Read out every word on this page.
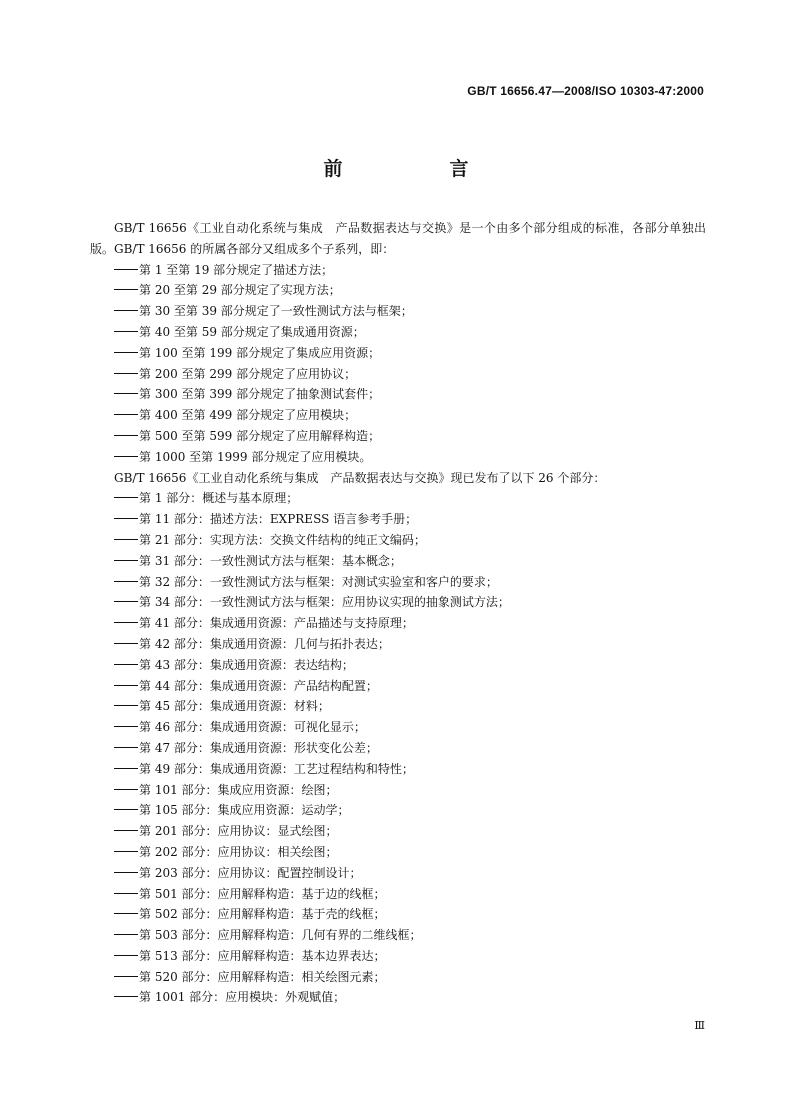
GB/T 16656.47—2008/ISO 10303-47:2000
前　言

GB/T 16656《工业自动化系统与集成　产品数据表达与交换》是一个由多个部分组成的标准，各部分单独出版。GB/T 16656 的所属各部分又组成多个子系列，即：

第 1 至第 19 部分规定了描述方法；
第 20 至第 29 部分规定了实现方法；
第 30 至第 39 部分规定了一致性测试方法与框架；
第 40 至第 59 部分规定了集成通用资源；
第 100 至第 199 部分规定了集成应用资源；
第 200 至第 299 部分规定了应用协议；
第 300 至第 399 部分规定了抽象测试套件；
第 400 至第 499 部分规定了应用模块；
第 500 至第 599 部分规定了应用解释构造；
第 1000 至第 1999 部分规定了应用模块。

GB/T 16656《工业自动化系统与集成　产品数据表达与交换》现已发布了以下 26 个部分：

第 1 部分：概述与基本原理；
第 11 部分：描述方法：EXPRESS 语言参考手册；
第 21 部分：实现方法：交换文件结构的纯正文编码；
第 31 部分：一致性测试方法与框架：基本概念；
第 32 部分：一致性测试方法与框架：对测试实验室和客户的要求；
第 34 部分：一致性测试方法与框架：应用协议实现的抽象测试方法；
第 41 部分：集成通用资源：产品描述与支持原理；
第 42 部分：集成通用资源：几何与拓扑表达；
第 43 部分：集成通用资源：表达结构；
第 44 部分：集成通用资源：产品结构配置；
第 45 部分：集成通用资源：材料；
第 46 部分：集成通用资源：可视化显示；
第 47 部分：集成通用资源：形状变化公差；
第 49 部分：集成通用资源：工艺过程结构和特性；
第 101 部分：集成应用资源：绘图；
第 105 部分：集成应用资源：运动学；
第 201 部分：应用协议：显式绘图；
第 202 部分：应用协议：相关绘图；
第 203 部分：应用协议：配置控制设计；
第 501 部分：应用解释构造：基于边的线框；
第 502 部分：应用解释构造：基于壳的线框；
第 503 部分：应用解释构造：几何有界的二维线框；
第 513 部分：应用解释构造：基本边界表达；
第 520 部分：应用解释构造：相关绘图元素；
第 1001 部分：应用模块：外观赋值；
Ⅲ
